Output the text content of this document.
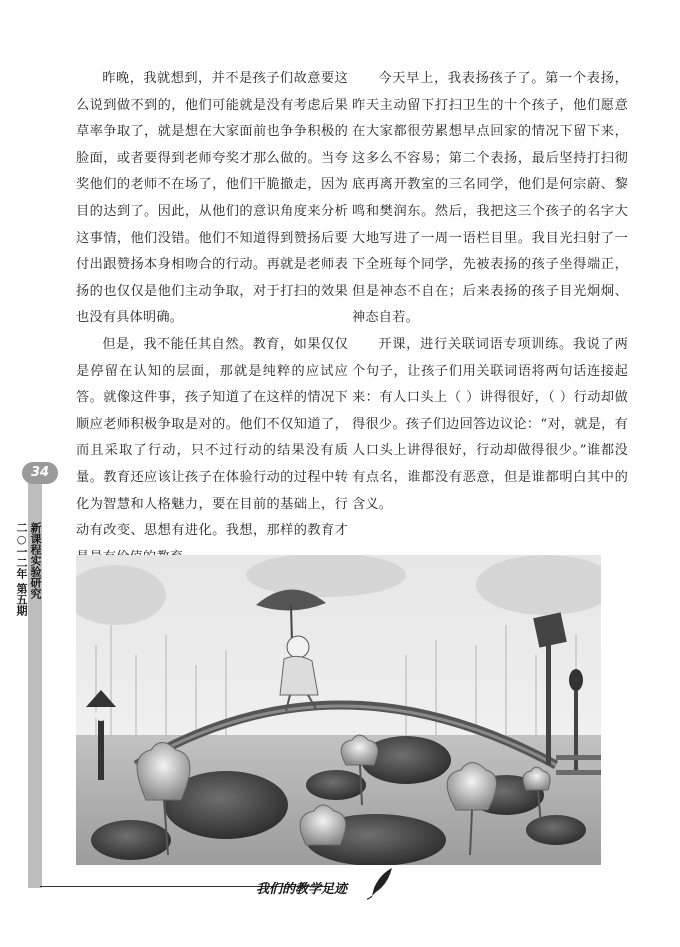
34
新课程实验研究
二○一二年 第五期

昨晚，我就想到，并不是孩子们故意要这么说到做不到的，他们可能就是没有考虑后果草率争取了，就是想在大家面前也争争积极的脸面，或者要得到老师夸奖才那么做的。当夸奖他们的老师不在场了，他们干脆撤走，因为目的达到了。因此，从他们的意识角度来分析这事情，他们没错。他们不知道得到赞扬后要付出跟赞扬本身相吻合的行动。再就是老师表扬的也仅仅是他们主动争取，对于打扫的效果也没有具体明确。

但是，我不能任其自然。教育，如果仅仅是停留在认知的层面，那就是纯粹的应试应答。就像这件事，孩子知道了在这样的情况下顺应老师积极争取是对的。他们不仅知道了，而且采取了行动，只不过行动的结果没有质量。教育还应该让孩子在体验行动的过程中转化为智慧和人格魅力，要在目前的基础上，行动有改变、思想有进化。我想，那样的教育才

今天早上，我表扬孩子了。第一个表扬，昨天主动留下打扫卫生的十个孩子，他们愿意在大家都很劳累想早点回家的情况下留下来，这多么不容易；第二个表扬，最后坚持打扫彻底再离开教室的三名同学，他们是何宗蔚、黎鸣和樊润东。然后，我把这三个孩子的名字大大地写进了一周一语栏目里。我目光扫射了一下全班每个同学，先被表扬的孩子坐得端正，但是神态不自在；后来表扬的孩子目光炯炯、神态自若。

开课，进行关联词语专项训练。我说了两个句子，让孩子们用关联词语将两句话连接起来：有人口头上（ ）讲得很好，（ ）行动却做得很少。孩子们边回答边议论：“对，就是，有人口头上讲得很好，行动却做得很少。”谁都没有点名，谁都没有恶意，但是谁都明白其中的含义。

我们的教学足迹
